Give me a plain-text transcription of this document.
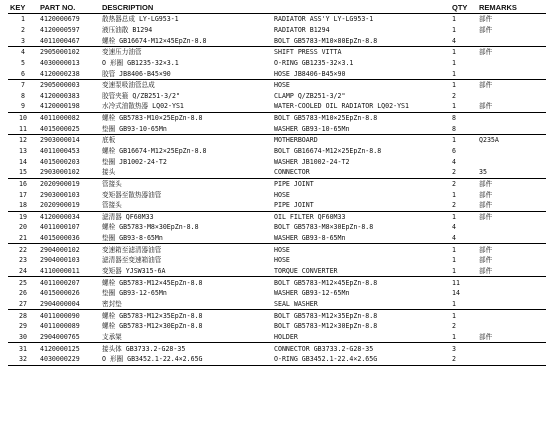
KEY	PART NO.	DESCRIPTION		QTY	REMARKS
1	4120000679	散热器总成 LY-LG953-1	RADIATOR ASS'Y LY-LG953-1	1	部件
2	4120000597	液压油散 B1294	RADIATOR B1294	1	部件
3	4011000467	螺栓 GB16674-M12×45EpZn-8.8	BOLT GB5783-M10×80EpZn-8.8	4	
4	2905000102	变速压力油管	SHIFT PRESS VITTA	1	部件
5	4030000013	O 形圈 GB1235-32×3.1	O-RING GB1235-32×3.1	1	
6	4120000238	胶管 JB8406-B45×90	HOSE JB8406-B45×90	1	
7	2905000003	变速泵吸油管总成	HOSE	1	部件
8	4120000383	胶管夹箍 Q/ZB251-3/2"	CLAMP Q/ZB251-3/2"	2	
9	4120000198	水冷式油散热器 LQ02-YS1	WATER-COOLED OIL RADIATOR LQ02-YS1	1	部件
10	4011000082	螺栓 GB5783-M10×25EpZn-8.8	BOLT GB5783-M10×25EpZn-8.8	8	
11	4015000025	垫圈 GB93-10-65Mn	WASHER GB93-10-65Mn	8	
12	2903000014	底板	MOTHERBOARD	1	Q235A
13	4011000453	螺栓 GB16674-M12×25EpZn-8.8	BOLT GB16674-M12×25EpZn-8.8	6	
14	4015000203	垫圈 JB1002-24-T2	WASHER JB1002-24-T2	4	
15	2903000102	接头	CONNECTOR	2	35
16	2020900019	管接头	PIPE JOINT	2	部件
17	2903000103	变矩器至散热器油管	HOSE	1	部件
18	2020900019	管接头	PIPE JOINT	2	部件
19	4120000034	滤清器 QF60M33	OIL FILTER QF60M33	1	部件
20	4011000107	螺栓 GB5783-M8×30EpZn-8.8	BOLT GB5783-M8×30EpZn-8.8	4	
21	4015000036	垫圈 GB93-8-65Mn	WASHER GB93-8-65Mn	4	
22	2904000102	变速箱至滤清器油管	HOSE	1	部件
23	2904000103	滤清器至变速箱油管	HOSE	1	部件
24	4110000011	变矩器 YJSW315-6A	TORQUE CONVERTER	1	部件
25	4011000207	螺栓 GB5783-M12×45EpZn-8.8	BOLT GB5783-M12×45EpZn-8.8	11	
26	4015000026	垫圈 GB93-12-65Mn	WASHER GB93-12-65Mn	14	
27	2904000004	密封垫	SEAL WASHER	1	
28	4011000090	螺栓 GB5783-M12×35EpZn-8.8	BOLT GB5783-M12×35EpZn-8.8	1	
29	4011000089	螺栓 GB5783-M12×30EpZn-8.8	BOLT GB5783-M12×30EpZn-8.8	2	
30	2904000765	支承架	HOLDER	1	部件
31	4120000125	接头体 GB3733.2-G28-35	CONNECTOR GB3733.2-G28-35	3	
32	4030000229	O 形圈 GB3452.1-22.4×2.65G	O-RING GB3452.1-22.4×2.65G	2	
